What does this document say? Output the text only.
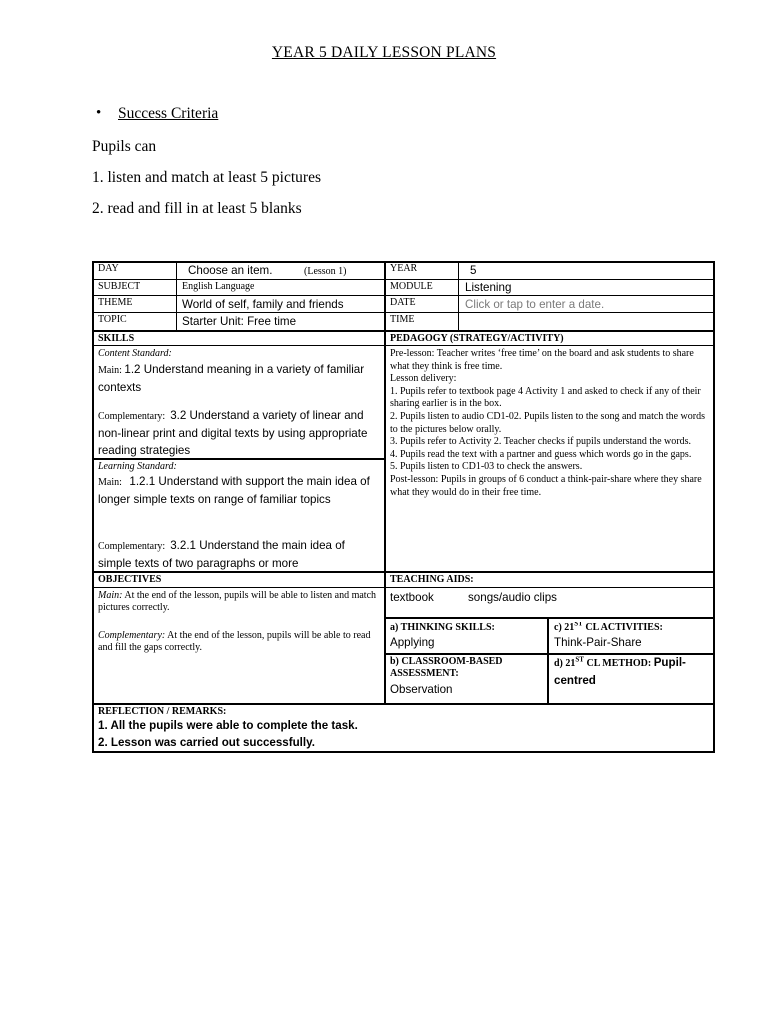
YEAR 5 DAILY LESSON PLANS
• Success Criteria
Pupils can
1. listen and match at least 5 pictures
2. read and fill in at least 5 blanks
DAY	Choose an item.	(Lesson 1)	YEAR	5
SUBJECT	English Language	MODULE	Listening
THEME	World of self, family and friends	DATE	Click or tap to enter a date.
TOPIC	Starter Unit: Free time	TIME
SKILLS	PEDAGOGY (STRATEGY/ACTIVITY)
Content Standard:
Main: 1.2 Understand meaning in a variety of familiar contexts
Complementary: 3.2 Understand a variety of linear and non-linear print and digital texts by using appropriate reading strategies
Learning Standard:
Main: 1.2.1 Understand with support the main idea of longer simple texts on range of familiar topics
Complementary: 3.2.1 Understand the main idea of simple texts of two paragraphs or more
Pre-lesson: Teacher writes ‘free time’ on the board and ask students to share what they think is free time.
Lesson delivery:
1. Pupils refer to textbook page 4 Activity 1 and asked to check if any of their sharing earlier is in the box.
2. Pupils listen to audio CD1-02. Pupils listen to the song and match the words to the pictures below orally.
3. Pupils refer to Activity 2. Teacher checks if pupils understand the words.
4. Pupils read the text with a partner and guess which words go in the gaps.
5. Pupils listen to CD1-03 to check the answers.
Post-lesson: Pupils in groups of 6 conduct a think-pair-share where they share what they would do in their free time.
OBJECTIVES	TEACHING AIDS:
Main: At the end of the lesson, pupils will be able to listen and match pictures correctly.
Complementary: At the end of the lesson, pupils will be able to read and fill the gaps correctly.
textbook	songs/audio clips
a) THINKING SKILLS:
Applying
c) 21ST CL ACTIVITIES:
Think-Pair-Share
b) CLASSROOM-BASED ASSESSMENT:
Observation
d) 21ST CL METHOD: Pupil-centred
REFLECTION / REMARKS:
1. All the pupils were able to complete the task.
2. Lesson was carried out successfully.
